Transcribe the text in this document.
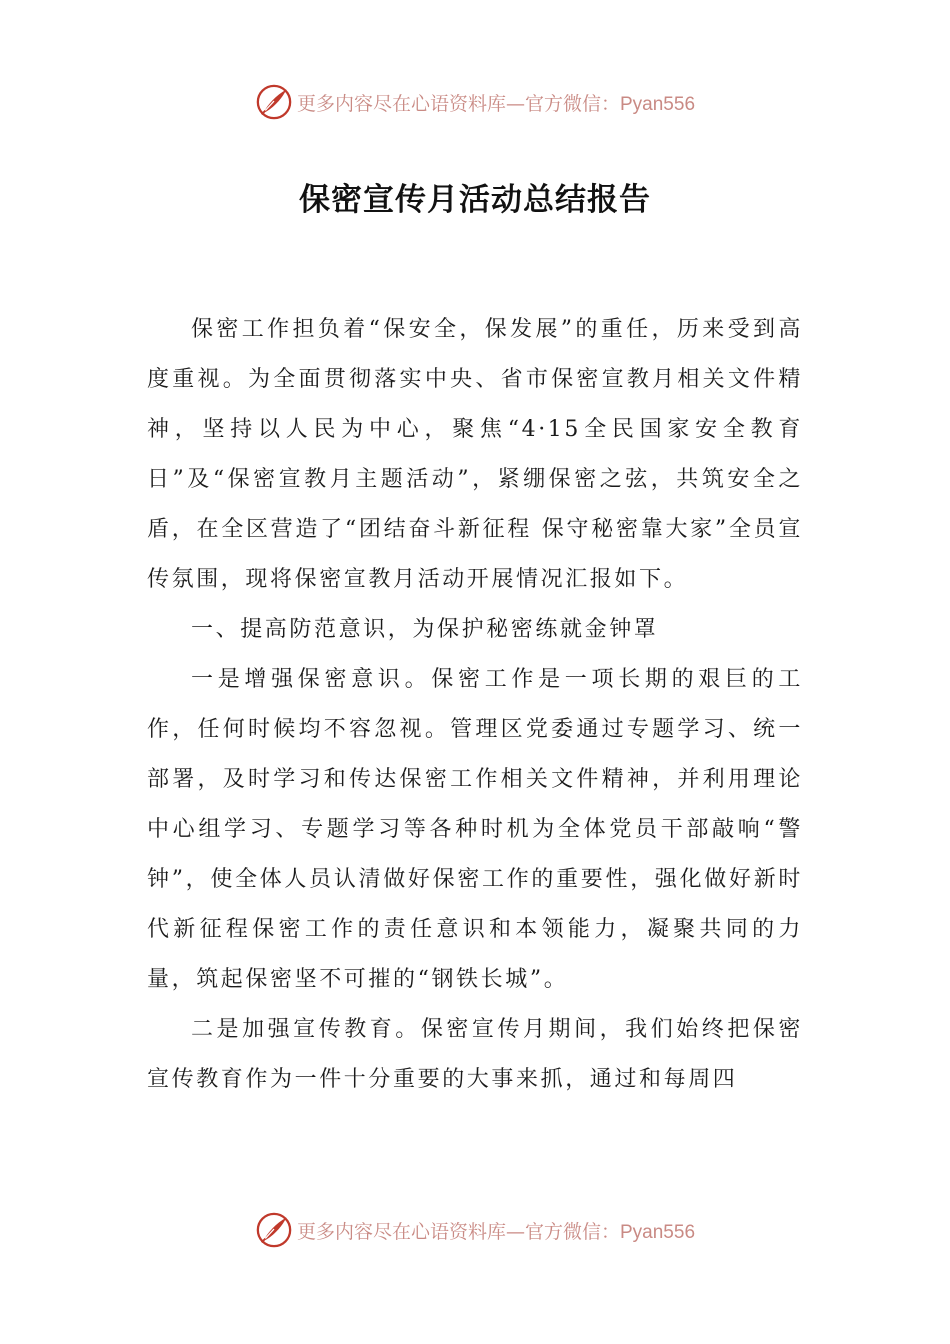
更多内容尽在心语资料库—官方微信：Pyan556
保密宣传月活动总结报告

保密工作担负着“保安全，保发展”的重任，历来受到高度重视。为全面贯彻落实中央、省市保密宣教月相关文件精神，坚持以人民为中心，聚焦“4·15全民国家安全教育日”及“保密宣教月主题活动”，紧绷保密之弦，共筑安全之盾，在全区营造了“团结奋斗新征程 保守秘密靠大家”全员宣传氛围，现将保密宣教月活动开展情况汇报如下。

一、提高防范意识，为保护秘密练就金钟罩

一是增强保密意识。保密工作是一项长期的艰巨的工作，任何时候均不容忽视。管理区党委通过专题学习、统一部署，及时学习和传达保密工作相关文件精神，并利用理论中心组学习、专题学习等各种时机为全体党员干部敲响“警钟”，使全体人员认清做好保密工作的重要性，强化做好新时代新征程保密工作的责任意识和本领能力，凝聚共同的力量，筑起保密坚不可摧的“钢铁长城”。

二是加强宣传教育。保密宣传月期间，我们始终把保密宣传教育作为一件十分重要的大事来抓，通过和每周四

更多内容尽在心语资料库—官方微信：Pyan556
